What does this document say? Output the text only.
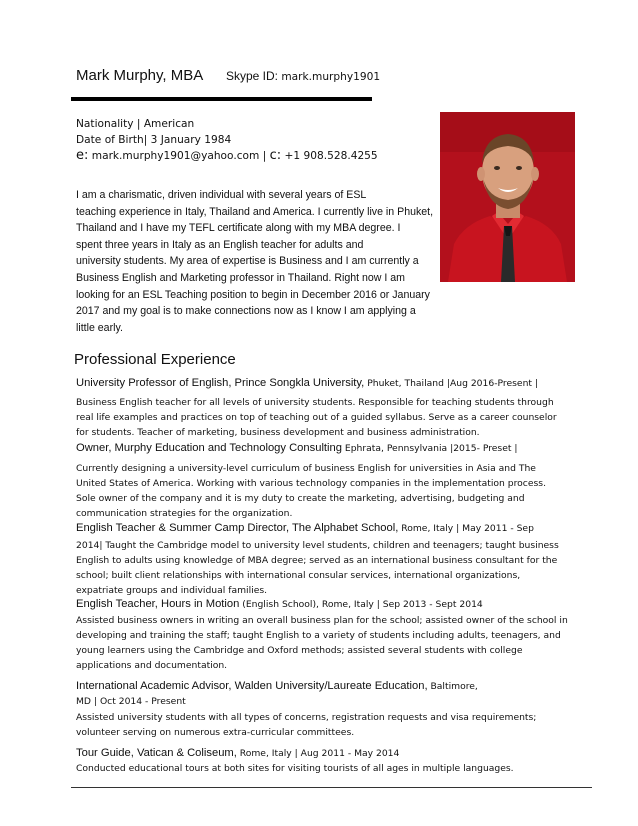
Mark Murphy, MBA Skype ID: mark.murphy1901
Nationality | American
Date of Birth| 3 January 1984
e: mark.murphy1901@yahoo.com | c: +1 908.528.4255
I am a charismatic, driven individual with several years of ESL
teaching experience in Italy, Thailand and America. I currently live in Phuket,
Thailand and I have my TEFL certificate along with my MBA degree. I
spent three years in Italy as an English teacher for adults and
university students. My area of expertise is Business and I am currently a
Business English and Marketing professor in Thailand. Right now I am
looking for an ESL Teaching position to begin in December 2016 or January
2017 and my goal is to make connections now as I know I am applying a
little early.
Professional Experience
University Professor of English, Prince Songkla University, Phuket, Thailand |Aug 2016-Present |
Business English teacher for all levels of university students. Responsible for teaching students through
real life examples and practices on top of teaching out of a guided syllabus. Serve as a career counselor
for students. Teacher of marketing, business development and business administration.
Owner, Murphy Education and Technology Consulting Ephrata, Pennsylvania |2015- Preset |
Currently designing a university-level curriculum of business English for universities in Asia and The
United States of America. Working with various technology companies in the implementation process.
Sole owner of the company and it is my duty to create the marketing, advertising, budgeting and
communication strategies for the organization.
English Teacher & Summer Camp Director, The Alphabet School, Rome, Italy | May 2011 - Sep
2014| Taught the Cambridge model to university level students, children and teenagers; taught business
English to adults using knowledge of MBA degree; served as an international business consultant for the
school; built client relationships with international consular services, international organizations,
expatriate groups and individual families.
English Teacher, Hours in Motion (English School), Rome, Italy | Sep 2013 - Sept 2014
Assisted business owners in writing an overall business plan for the school; assisted owner of the school in
developing and training the staff; taught English to a variety of students including adults, teenagers, and
young learners using the Cambridge and Oxford methods; assisted several students with college
applications and documentation.
International Academic Advisor, Walden University/Laureate Education, Baltimore,
MD | Oct 2014 - Present
Assisted university students with all types of concerns, registration requests and visa requirements;
volunteer serving on numerous extra-curricular committees.
Tour Guide, Vatican & Coliseum, Rome, Italy | Aug 2011 - May 2014
Conducted educational tours at both sites for visiting tourists of all ages in multiple languages.
